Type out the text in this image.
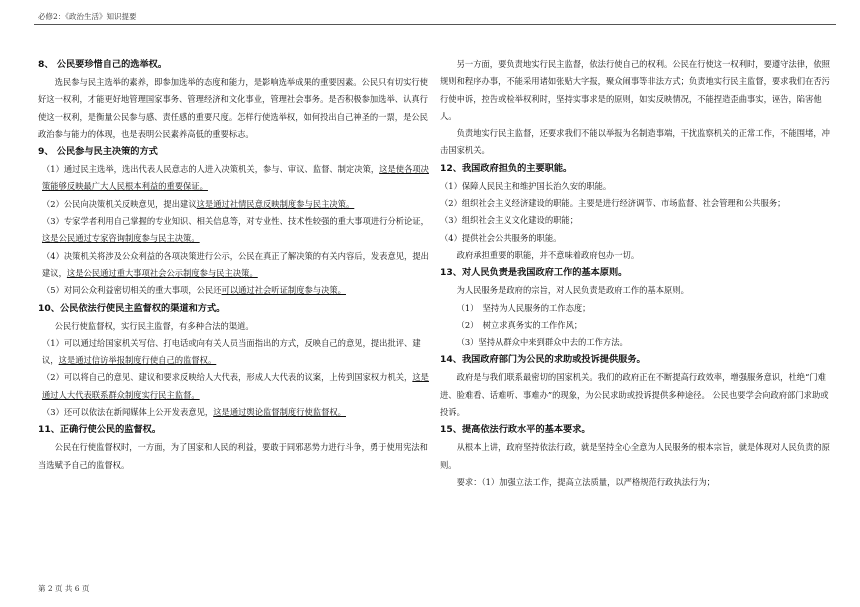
必修2：《政治生活》知识提要

8、 公民要珍惜自己的选举权。

选民参与民主选举的素养，即参加选举的态度和能力，是影响选举成果的重要因素。公民只有切实行使好这一权利，才能更好地管理国家事务、管理经济和文化事业，管理社会事务。是否积极参加选举、认真行使这一权利，是衡量公民参与感、责任感的重要尺度。怎样行使选举权，如何投出自己神圣的一票，是公民政治参与能力的体现，也是表明公民素养高低的重要标志。

9、 公民参与民主决策的方式

（1）通过民主选举，选出代表人民意志的人进入决策机关，参与、审议、监督、制定决策，这是使各项决策能够反映最广大人民根本利益的重要保证。

（2）公民向决策机关反映意见，提出建议这是通过社情民意反映制度参与民主决策。

（3）专家学者利用自己掌握的专业知识、相关信息等，对专业性、技术性较强的重大事项进行分析论证，这是公民通过专家咨询制度参与民主决策。

（4）决策机关将涉及公众利益的各项决策进行公示，公民在真正了解决策的有关内容后，发表意见，提出建议，这是公民通过重大事项社会公示制度参与民主决策。

（5）对同公众利益密切相关的重大事项，公民还可以通过社会听证制度参与决策。

10、公民依法行使民主监督权的渠道和方式。

公民行使监督权，实行民主监督，有多种合法的渠道。

（1）可以通过给国家机关写信、打电话或向有关人员当面指出的方式，反映自己的意见，提出批评、建议，这是通过信访举报制度行使自己的监督权。

（2）可以将自己的意见、建议和要求反映给人大代表，形成人大代表的议案，上传到国家权力机关，这是通过人大代表联系群众制度实行民主监督。

（3）还可以依法在新闻媒体上公开发表意见，这是通过舆论监督制度行使监督权。

11、正确行使公民的监督权。

公民在行使监督权时，一方面，为了国家和人民的利益，要敢于同邪恶势力进行斗争，勇于使用宪法和当选赋予自己的监督权。

另一方面，要负责地实行民主监督，依法行使自己的权利。公民在行使这一权利时，要遵守法律，依照规则和程序办事，不能采用诸如张贴大字报，聚众闹事等非法方式；负责地实行民主监督，要求我们在否污行使申诉，控告或检举权利时，坚持实事求是的原则，如实反映情况，不能捏造歪曲事实，诬告，陷害他人。

负责地实行民主监督，还要求我们不能以举报为名制造事端，干扰监察机关的正常工作，不能围堵，冲击国家机关。

12、我国政府担负的主要职能。

（1）保障人民民主和维护国长治久安的职能。

（2）组织社会主义经济建设的职能。主要是进行经济调节、市场监督、社会管理和公共服务；

（3）组织社会主义文化建设的职能；

（4）提供社会公共服务的职能。

政府承担重要的职能，并不意味着政府包办一切。

13、对人民负责是我国政府工作的基本原则。

为人民服务是政府的宗旨，对人民负责是政府工作的基本原则。

（1）　坚持为人民服务的工作态度；

（2）　树立求真务实的工作作风；

（3）坚持从群众中来到群众中去的工作方法。

14、我国政府部门为公民的求助或投诉提供服务。

政府是与我们联系最密切的国家机关。我们的政府正在不断提高行政效率，增强服务意识，杜绝“门难进、脸难看、话难听、事难办”的现象，为公民求助或投诉提供多种途径。 公民也要学会向政府部门求助或投诉。

15、提高依法行政水平的基本要求。

从根本上讲，政府坚持依法行政，就是坚持全心全意为人民服务的根本宗旨，就是体现对人民负责的原则。

要求：（1）加强立法工作，提高立法质量，以严格规范行政执法行为；

第 2 页 共 6 页
